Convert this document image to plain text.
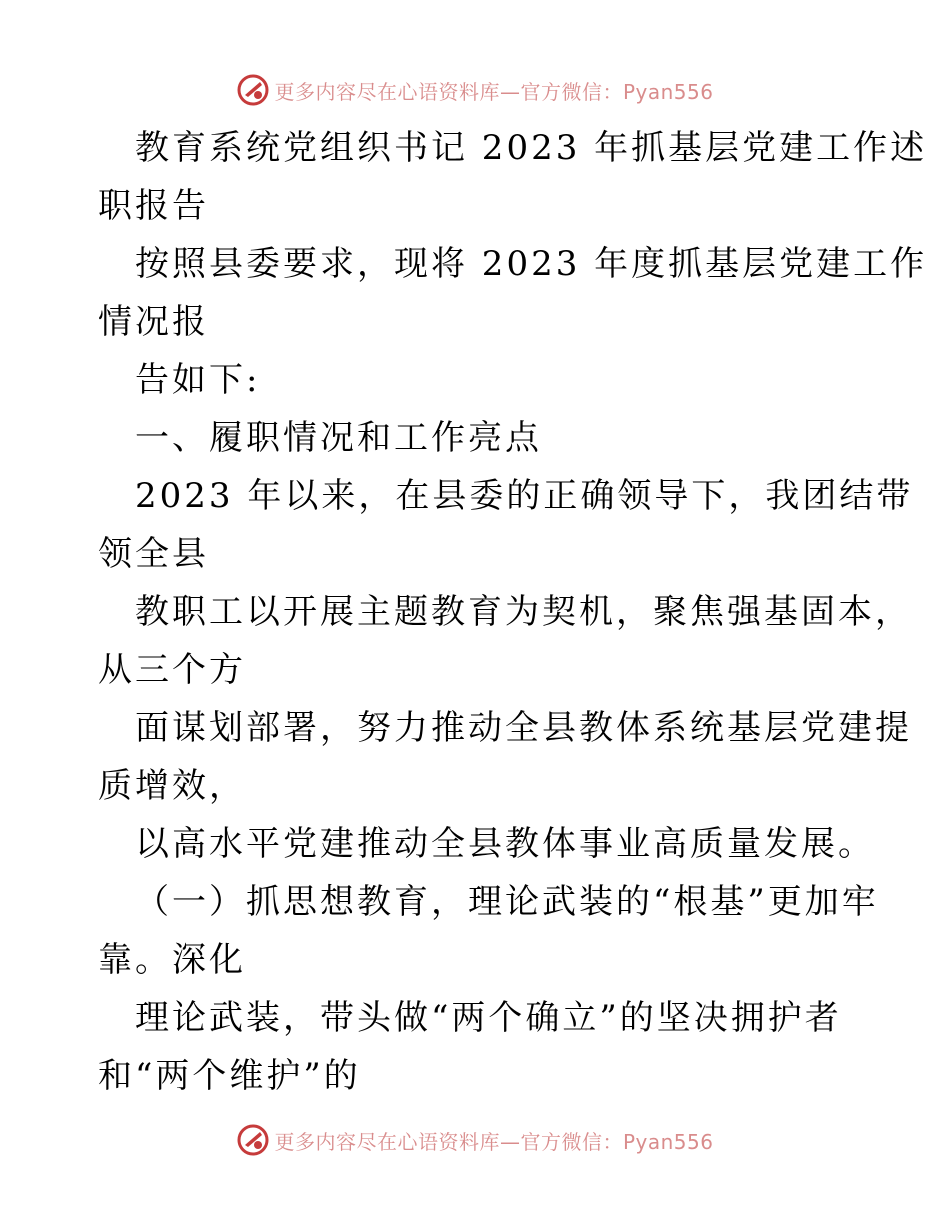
更多内容尽在心语资料库—官方微信：Pyan556
教育系统党组织书记 2023 年抓基层党建工作述
职报告
按照县委要求，现将 2023 年度抓基层党建工作
情况报
告如下:
一、履职情况和工作亮点
2023 年以来，在县委的正确领导下，我团结带
领全县
教职工以开展主题教育为契机，聚焦强基固本，
从三个方
面谋划部署，努力推动全县教体系统基层党建提
质增效，
以高水平党建推动全县教体事业高质量发展。
（一）抓思想教育，理论武装的“根基”更加牢
靠。深化
理论武装，带头做“两个确立”的坚决拥护者
和“两个维护”的
更多内容尽在心语资料库—官方微信：Pyan556
